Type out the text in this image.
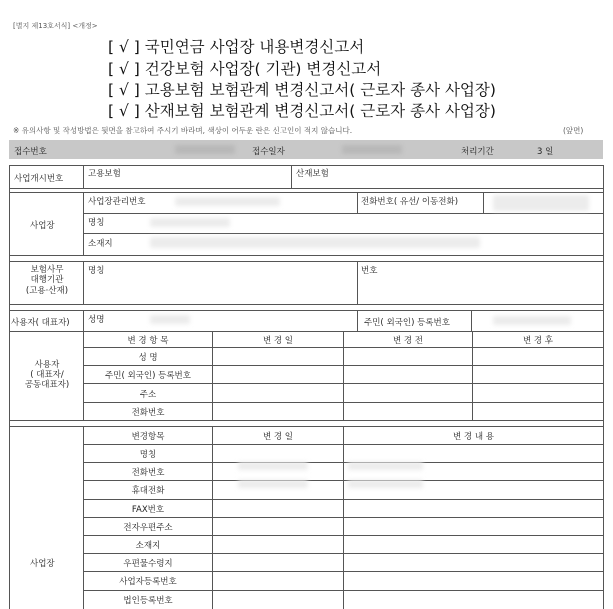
[별지 제13호서식] <개정>
[ √ ] 국민연금 사업장 내용변경신고서
[ √ ] 건강보험 사업장( 기관) 변경신고서
[ √ ] 고용보험 보험관계 변경신고서( 근로자 종사 사업장)
[ √ ] 산재보험 보험관계 변경신고서( 근로자 종사 사업장)
※ 유의사항 및 작성방법은 뒷면을 참고하여 주시기 바라며, 색상이 어두운 란은 신고인이 적지 않습니다.	(앞면)
접수번호	접수일자	처리기간	3 일
사업개시번호	고용보험	산재보험
사업장
사업장관리번호	전화번호( 유선/ 이동전화)
명칭
소재지
보험사무
대행기관
(고용·산재)
명칭	번호
사용자( 대표자) 성명	주민( 외국인) 등록번호
사용자
( 대표자/
공동대표자)
변 경 항 목	변 경 일	변 경 전	변 경 후
성 명
주민( 외국인) 등록번호
주소
전화번호
사업장
변경항목	변 경 일	변 경 내 용
명칭
전화번호
휴대전화
FAX번호
전자우편주소
소재지
우편물수령지
사업자등록번호
법인등록번호
